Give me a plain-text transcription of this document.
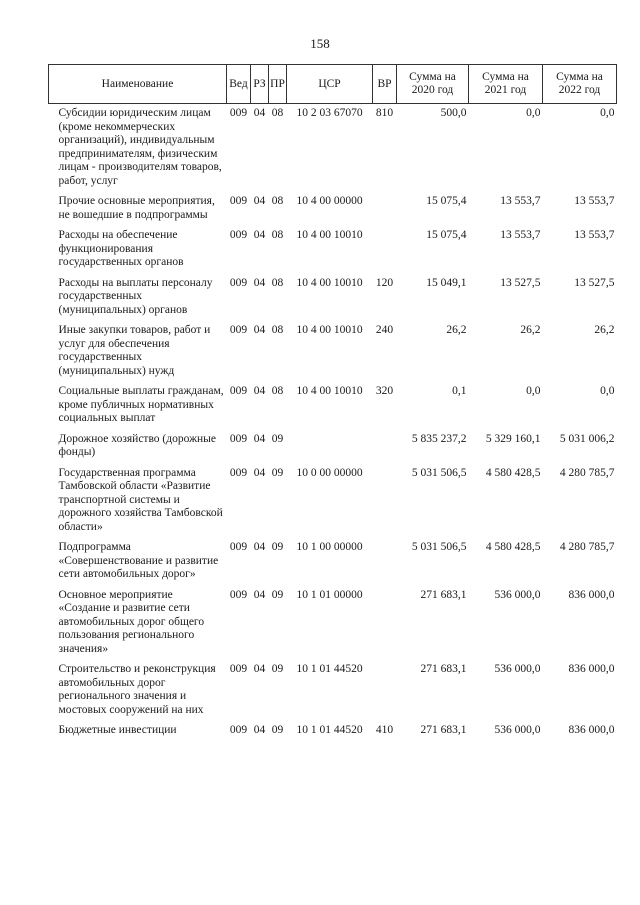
158
Наименование	Вед	РЗ	ПР	ЦСР	ВР	Сумма на 2020 год	Сумма на 2021 год	Сумма на 2022 год
Субсидии юридическим лицам (кроме некоммерческих организаций), индивидуальным предпринимателям, физическим лицам - производителям товаров, работ, услуг	009	04	08	10 2 03 67070	810	500,0	0,0	0,0
Прочие основные мероприятия, не вошедшие в подпрограммы	009	04	08	10 4 00 00000		15 075,4	13 553,7	13 553,7
Расходы на обеспечение функционирования государственных органов	009	04	08	10 4 00 10010		15 075,4	13 553,7	13 553,7
Расходы на выплаты персоналу государственных (муниципальных) органов	009	04	08	10 4 00 10010	120	15 049,1	13 527,5	13 527,5
Иные закупки товаров, работ и услуг для обеспечения государственных (муниципальных) нужд	009	04	08	10 4 00 10010	240	26,2	26,2	26,2
Социальные выплаты гражданам, кроме публичных нормативных социальных выплат	009	04	08	10 4 00 10010	320	0,1	0,0	0,0
Дорожное хозяйство (дорожные фонды)	009	04	09			5 835 237,2	5 329 160,1	5 031 006,2
Государственная программа Тамбовской области «Развитие транспортной системы и дорожного хозяйства Тамбовской области»	009	04	09	10 0 00 00000		5 031 506,5	4 580 428,5	4 280 785,7
Подпрограмма «Совершенствование и развитие сети автомобильных дорог»	009	04	09	10 1 00 00000		5 031 506,5	4 580 428,5	4 280 785,7
Основное мероприятие «Создание и развитие сети автомобильных дорог общего пользования регионального значения»	009	04	09	10 1 01 00000		271 683,1	536 000,0	836 000,0
Строительство и реконструкция автомобильных дорог регионального значения и мостовых сооружений на них	009	04	09	10 1 01 44520		271 683,1	536 000,0	836 000,0
Бюджетные инвестиции	009	04	09	10 1 01 44520	410	271 683,1	536 000,0	836 000,0
